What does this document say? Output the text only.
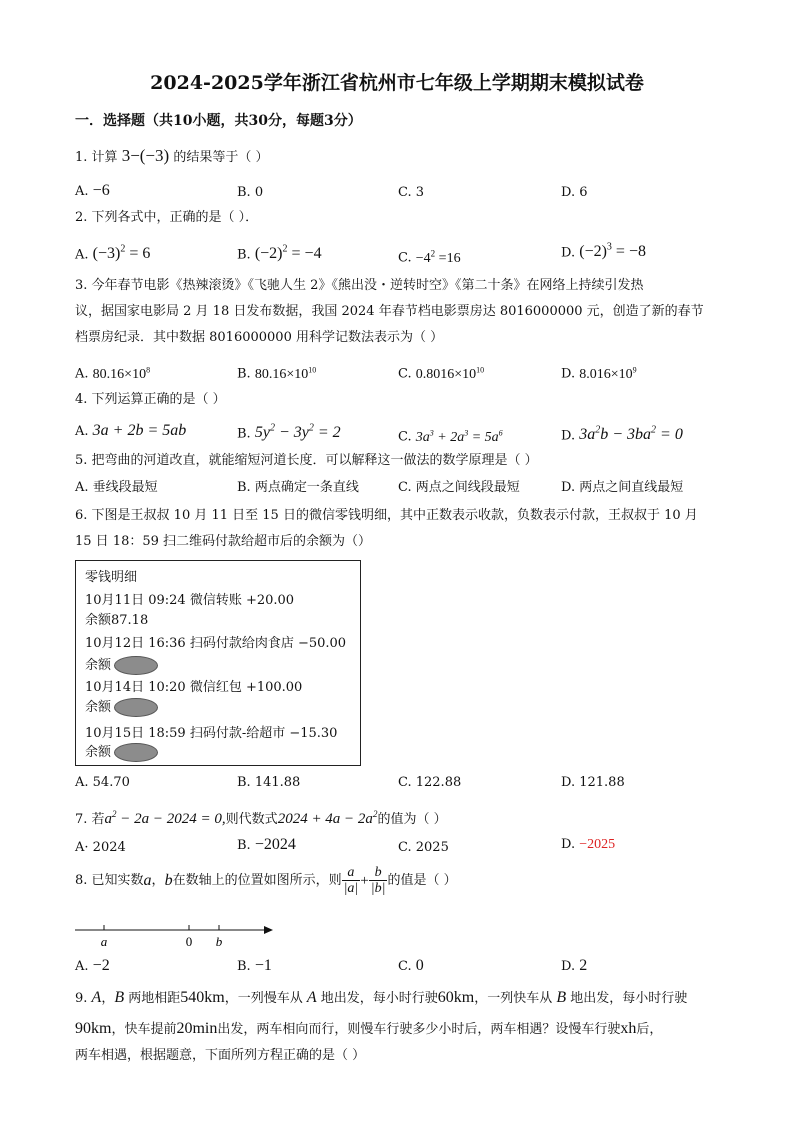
2024-2025学年浙江省杭州市七年级上学期期末模拟试卷
一．选择题（共10小题，共30分，每题3分）
1. 计算 3−(−3) 的结果等于（ ）
A. −6	B. 0	C. 3	D. 6
2. 下列各式中，正确的是（ ）．
A. $(-3)^2 = 6$	B. $(-2)^2 = -4$	C. $-4^2 =16$	D. $(-2)^3 = -8$
3. 今年春节电影《热辣滚烫》《飞驰人生 2》《熊出没・逆转时空》《第二十条》在网络上持续引发热
议，据国家电影局 2 月 18 日发布数据，我国 2024 年春节档电影票房达 8016000000 元，创造了新的春节
档票房纪录．其中数据 8016000000 用科学记数法表示为（ ）
A. $80.16\times 10^8$	B. $80.16\times 10^{10}$	C. $0.8016\times 10^{10}$	D. $8.016\times 10^9$
4. 下列运算正确的是（ ）
A. 3a + 2b = 5ab	B. $5y^2 - 3y^2 = 2$	C. $3a^3 + 2a^3 = 5a^6$	D. $3a^2b - 3ba^2 = 0$
5. 把弯曲的河道改直，就能缩短河道长度．可以解释这一做法的数学原理是（ ）
A. 垂线段最短	B. 两点确定一条直线	C. 两点之间线段最短	D. 两点之间直线最短
6. 下图是王叔叔 10 月 11 日至 15 日的微信零钱明细，其中正数表示收款，负数表示付款，王叔叔于 10 月
15 日 18：59 扫二维码付款给超市后的余额为（）
零钱明细
10月11日 09:24 微信转账 +20.00
余额87.18
10月12日 16:36 扫码付款给肉食店 −50.00
余额
10月14日 10:20 微信红包 +100.00
余额
10月15日 18:59 扫码付款-给超市 −15.30
余额
A. 54.70	B. 141.88	C. 122.88	D. 121.88
7. 若$a^2 - 2a - 2024 = 0$,则代数式$2024 + 4a - 2a^2$的值为（ ）
A· 2024	B. −2024	C. 2025	D. −2025
8. 已知实数a，b在数轴上的位置如图所示，则 $\frac{a}{|a|} + \frac{b}{|b|}$ 的值是（ ）
a	0 b
A. −2	B. −1	C. 0	D. 2
9. A，B 两地相距540km，一列慢车从 A 地出发，每小时行驶60km，一列快车从 B 地出发，每小时行驶
90km，快车提前20min出发，两车相向而行，则慢车行驶多少小时后，两车相遇？设慢车行驶xh后，
两车相遇，根据题意，下面所列方程正确的是（ ）
